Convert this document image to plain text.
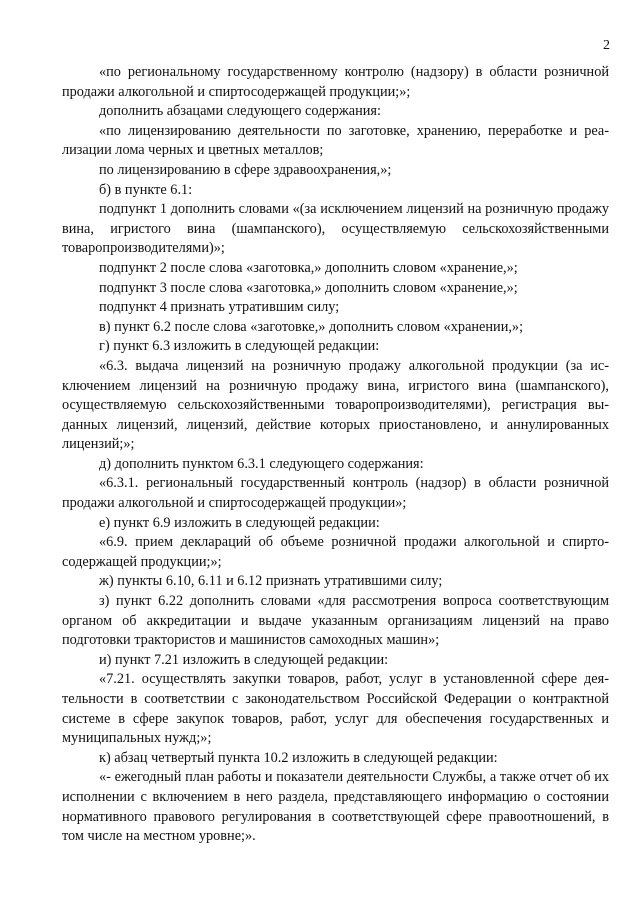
2

«по региональному государственному контролю (надзору) в области розничной продажи алкогольной и спиртосодержащей продукции;»;

дополнить абзацами следующего содержания:

«по лицензированию деятельности по заготовке, хранению, переработке и реализации лома черных и цветных металлов;

по лицензированию в сфере здравоохранения,»;

б) в пункте 6.1:

подпункт 1 дополнить словами «(за исключением лицензий на розничную продажу вина, игристого вина (шампанского), осуществляемую сельскохозяйственными товаропроизводителями)»;

подпункт 2 после слова «заготовка,» дополнить словом «хранение,»;

подпункт 3 после слова «заготовка,» дополнить словом «хранение,»;

подпункт 4 признать утратившим силу;

в) пункт 6.2 после слова «заготовке,» дополнить словом «хранении,»;

г) пункт 6.3 изложить в следующей редакции:

«6.3. выдача лицензий на розничную продажу алкогольной продукции (за исключением лицензий на розничную продажу вина, игристого вина (шампанского), осуществляемую сельскохозяйственными товаропроизводителями), регистрация выданных лицензий, лицензий, действие которых приостановлено, и аннулированных лицензий;»;

д) дополнить пунктом 6.3.1 следующего содержания:

«6.3.1. региональный государственный контроль (надзор) в области розничной продажи алкогольной и спиртосодержащей продукции»;

е) пункт 6.9 изложить в следующей редакции:

«6.9. прием деклараций об объеме розничной продажи алкогольной и спиртосодержащей продукции;»;

ж) пункты 6.10, 6.11 и 6.12 признать утратившими силу;

з) пункт 6.22 дополнить словами «для рассмотрения вопроса соответствующим органом об аккредитации и выдаче указанным организациям лицензий на право подготовки трактористов и машинистов самоходных машин»;

и) пункт 7.21 изложить в следующей редакции:

«7.21. осуществлять закупки товаров, работ, услуг в установленной сфере деятельности в соответствии с законодательством Российской Федерации о контрактной системе в сфере закупок товаров, работ, услуг для обеспечения государственных и муниципальных нужд;»;

к) абзац четвертый пункта 10.2 изложить в следующей редакции:

«- ежегодный план работы и показатели деятельности Службы, а также отчет об их исполнении с включением в него раздела, представляющего информацию о состоянии нормативного правового регулирования в соответствующей сфере правоотношений, в том числе на местном уровне;».
